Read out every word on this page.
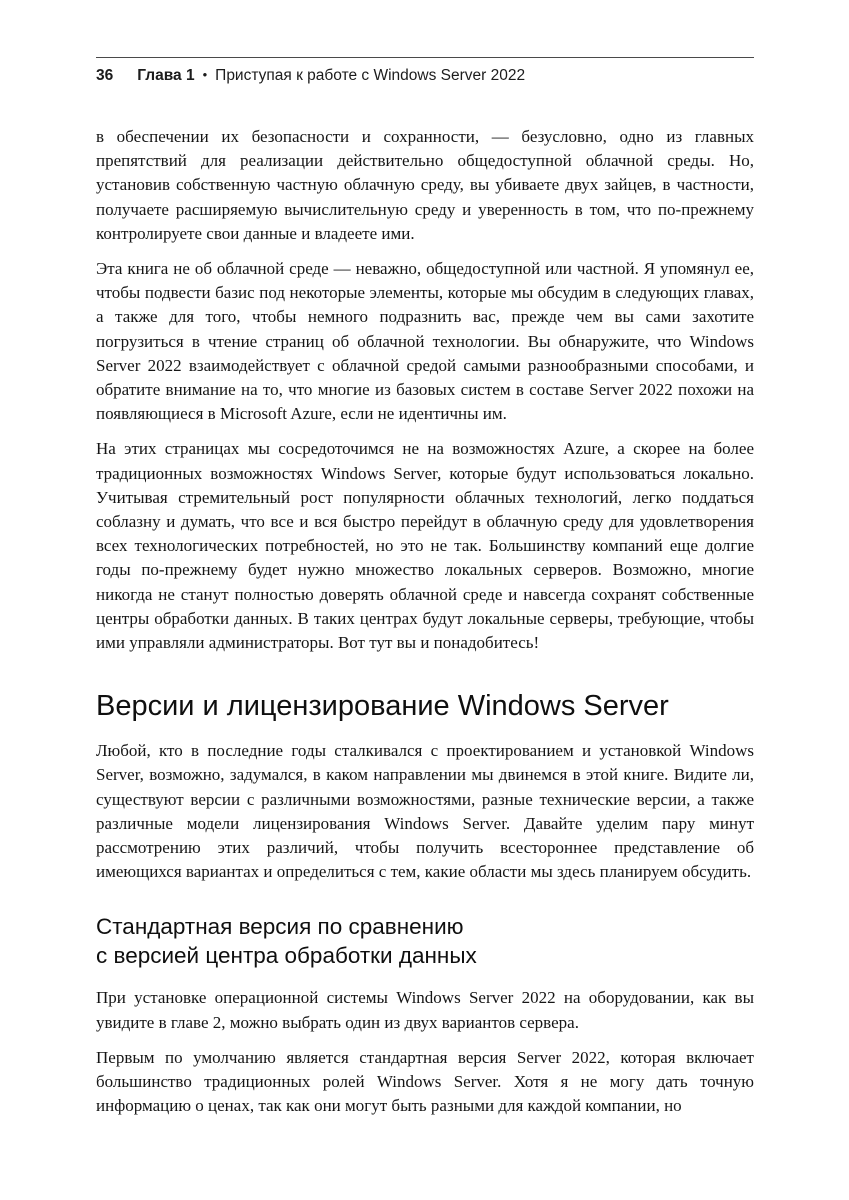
36 Глава 1 • Приступая к работе с Windows Server 2022

в обеспечении их безопасности и сохранности, — безусловно, одно из главных препятствий для реализации действительно общедоступной облачной среды. Но, установив собственную частную облачную среду, вы убиваете двух зайцев, в частности, получаете расширяемую вычислительную среду и уверенность в том, что по-прежнему контролируете свои данные и владеете ими.

Эта книга не об облачной среде — неважно, общедоступной или частной. Я упомянул ее, чтобы подвести базис под некоторые элементы, которые мы обсудим в следующих главах, а также для того, чтобы немного подразнить вас, прежде чем вы сами захотите погрузиться в чтение страниц об облачной технологии. Вы обнаружите, что Windows Server 2022 взаимодействует с облачной средой самыми разнообразными способами, и обратите внимание на то, что многие из базовых систем в составе Server 2022 похожи на появляющиеся в Microsoft Azure, если не идентичны им.

На этих страницах мы сосредоточимся не на возможностях Azure, а скорее на более традиционных возможностях Windows Server, которые будут использоваться локально. Учитывая стремительный рост популярности облачных технологий, легко поддаться соблазну и думать, что все и вся быстро перейдут в облачную среду для удовлетворения всех технологических потребностей, но это не так. Большинству компаний еще долгие годы по-прежнему будет нужно множество локальных серверов. Возможно, многие никогда не станут полностью доверять облачной среде и навсегда сохранят собственные центры обработки данных. В таких центрах будут локальные серверы, требующие, чтобы ими управляли администраторы. Вот тут вы и понадобитесь!

Версии и лицензирование Windows Server

Любой, кто в последние годы сталкивался с проектированием и установкой Windows Server, возможно, задумался, в каком направлении мы двинемся в этой книге. Видите ли, существуют версии с различными возможностями, разные технические версии, а также различные модели лицензирования Windows Server. Давайте уделим пару минут рассмотрению этих различий, чтобы получить всестороннее представление об имеющихся вариантах и определиться с тем, какие области мы здесь планируем обсудить.

Стандартная версия по сравнению
с версией центра обработки данных

При установке операционной системы Windows Server 2022 на оборудовании, как вы увидите в главе 2, можно выбрать один из двух вариантов сервера.

Первым по умолчанию является стандартная версия Server 2022, которая включает большинство традиционных ролей Windows Server. Хотя я не могу дать точную информацию о ценах, так как они могут быть разными для каждой компании, но
